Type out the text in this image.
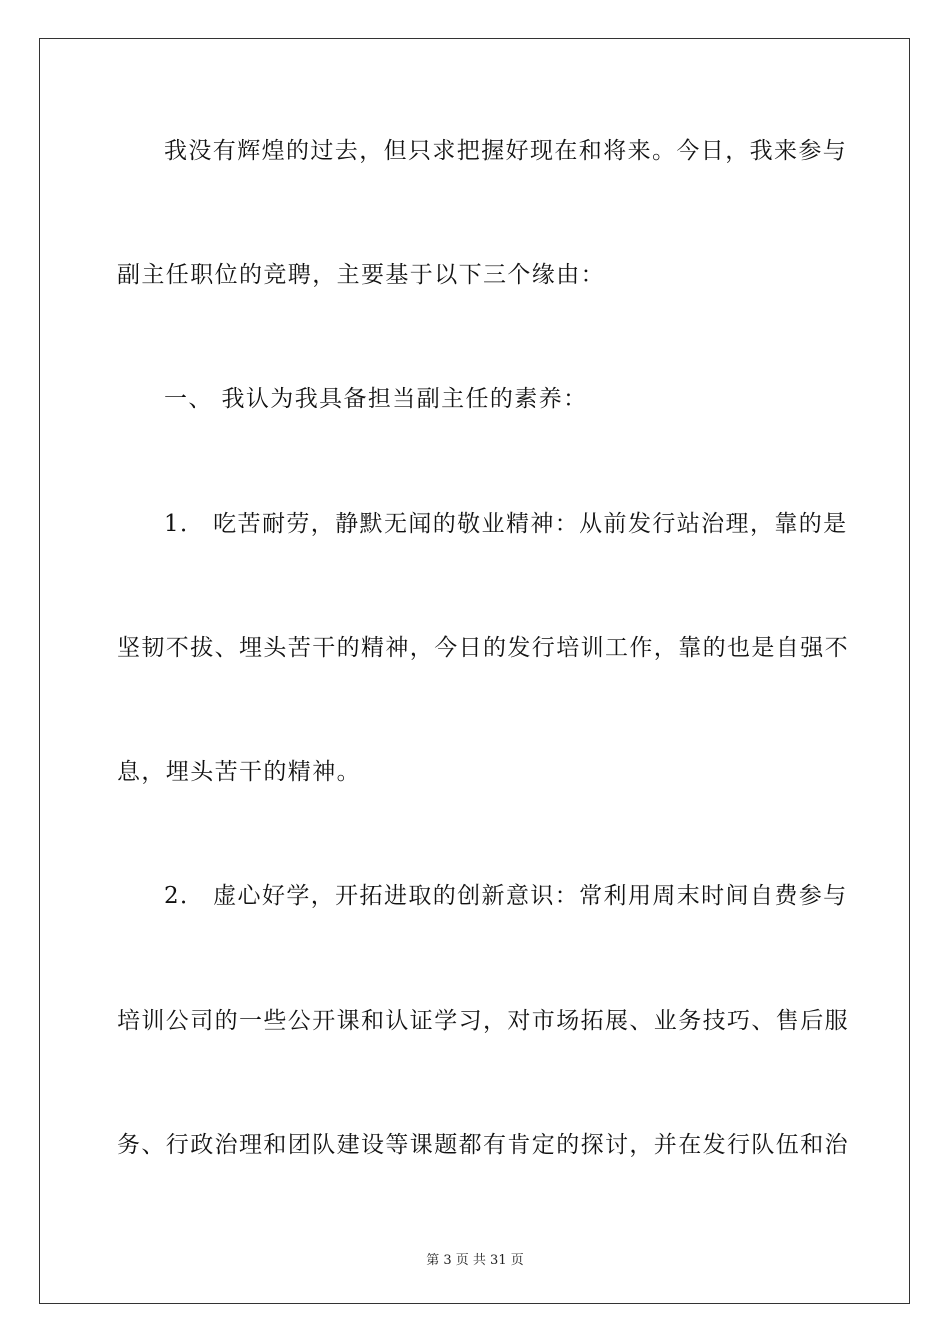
我没有辉煌的过去，但只求把握好现在和将来。今日，我来参与
副主任职位的竞聘，主要基于以下三个缘由：
一、 我认为我具备担当副主任的素养：
1． 吃苦耐劳，静默无闻的敬业精神：从前发行站治理，靠的是
坚韧不拔、埋头苦干的精神，今日的发行培训工作，靠的也是自强不
息，埋头苦干的精神。
2． 虚心好学，开拓进取的创新意识：常利用周末时间自费参与
培训公司的一些公开课和认证学习，对市场拓展、业务技巧、售后服
务、行政治理和团队建设等课题都有肯定的探讨，并在发行队伍和治
第 3 页 共 31 页
